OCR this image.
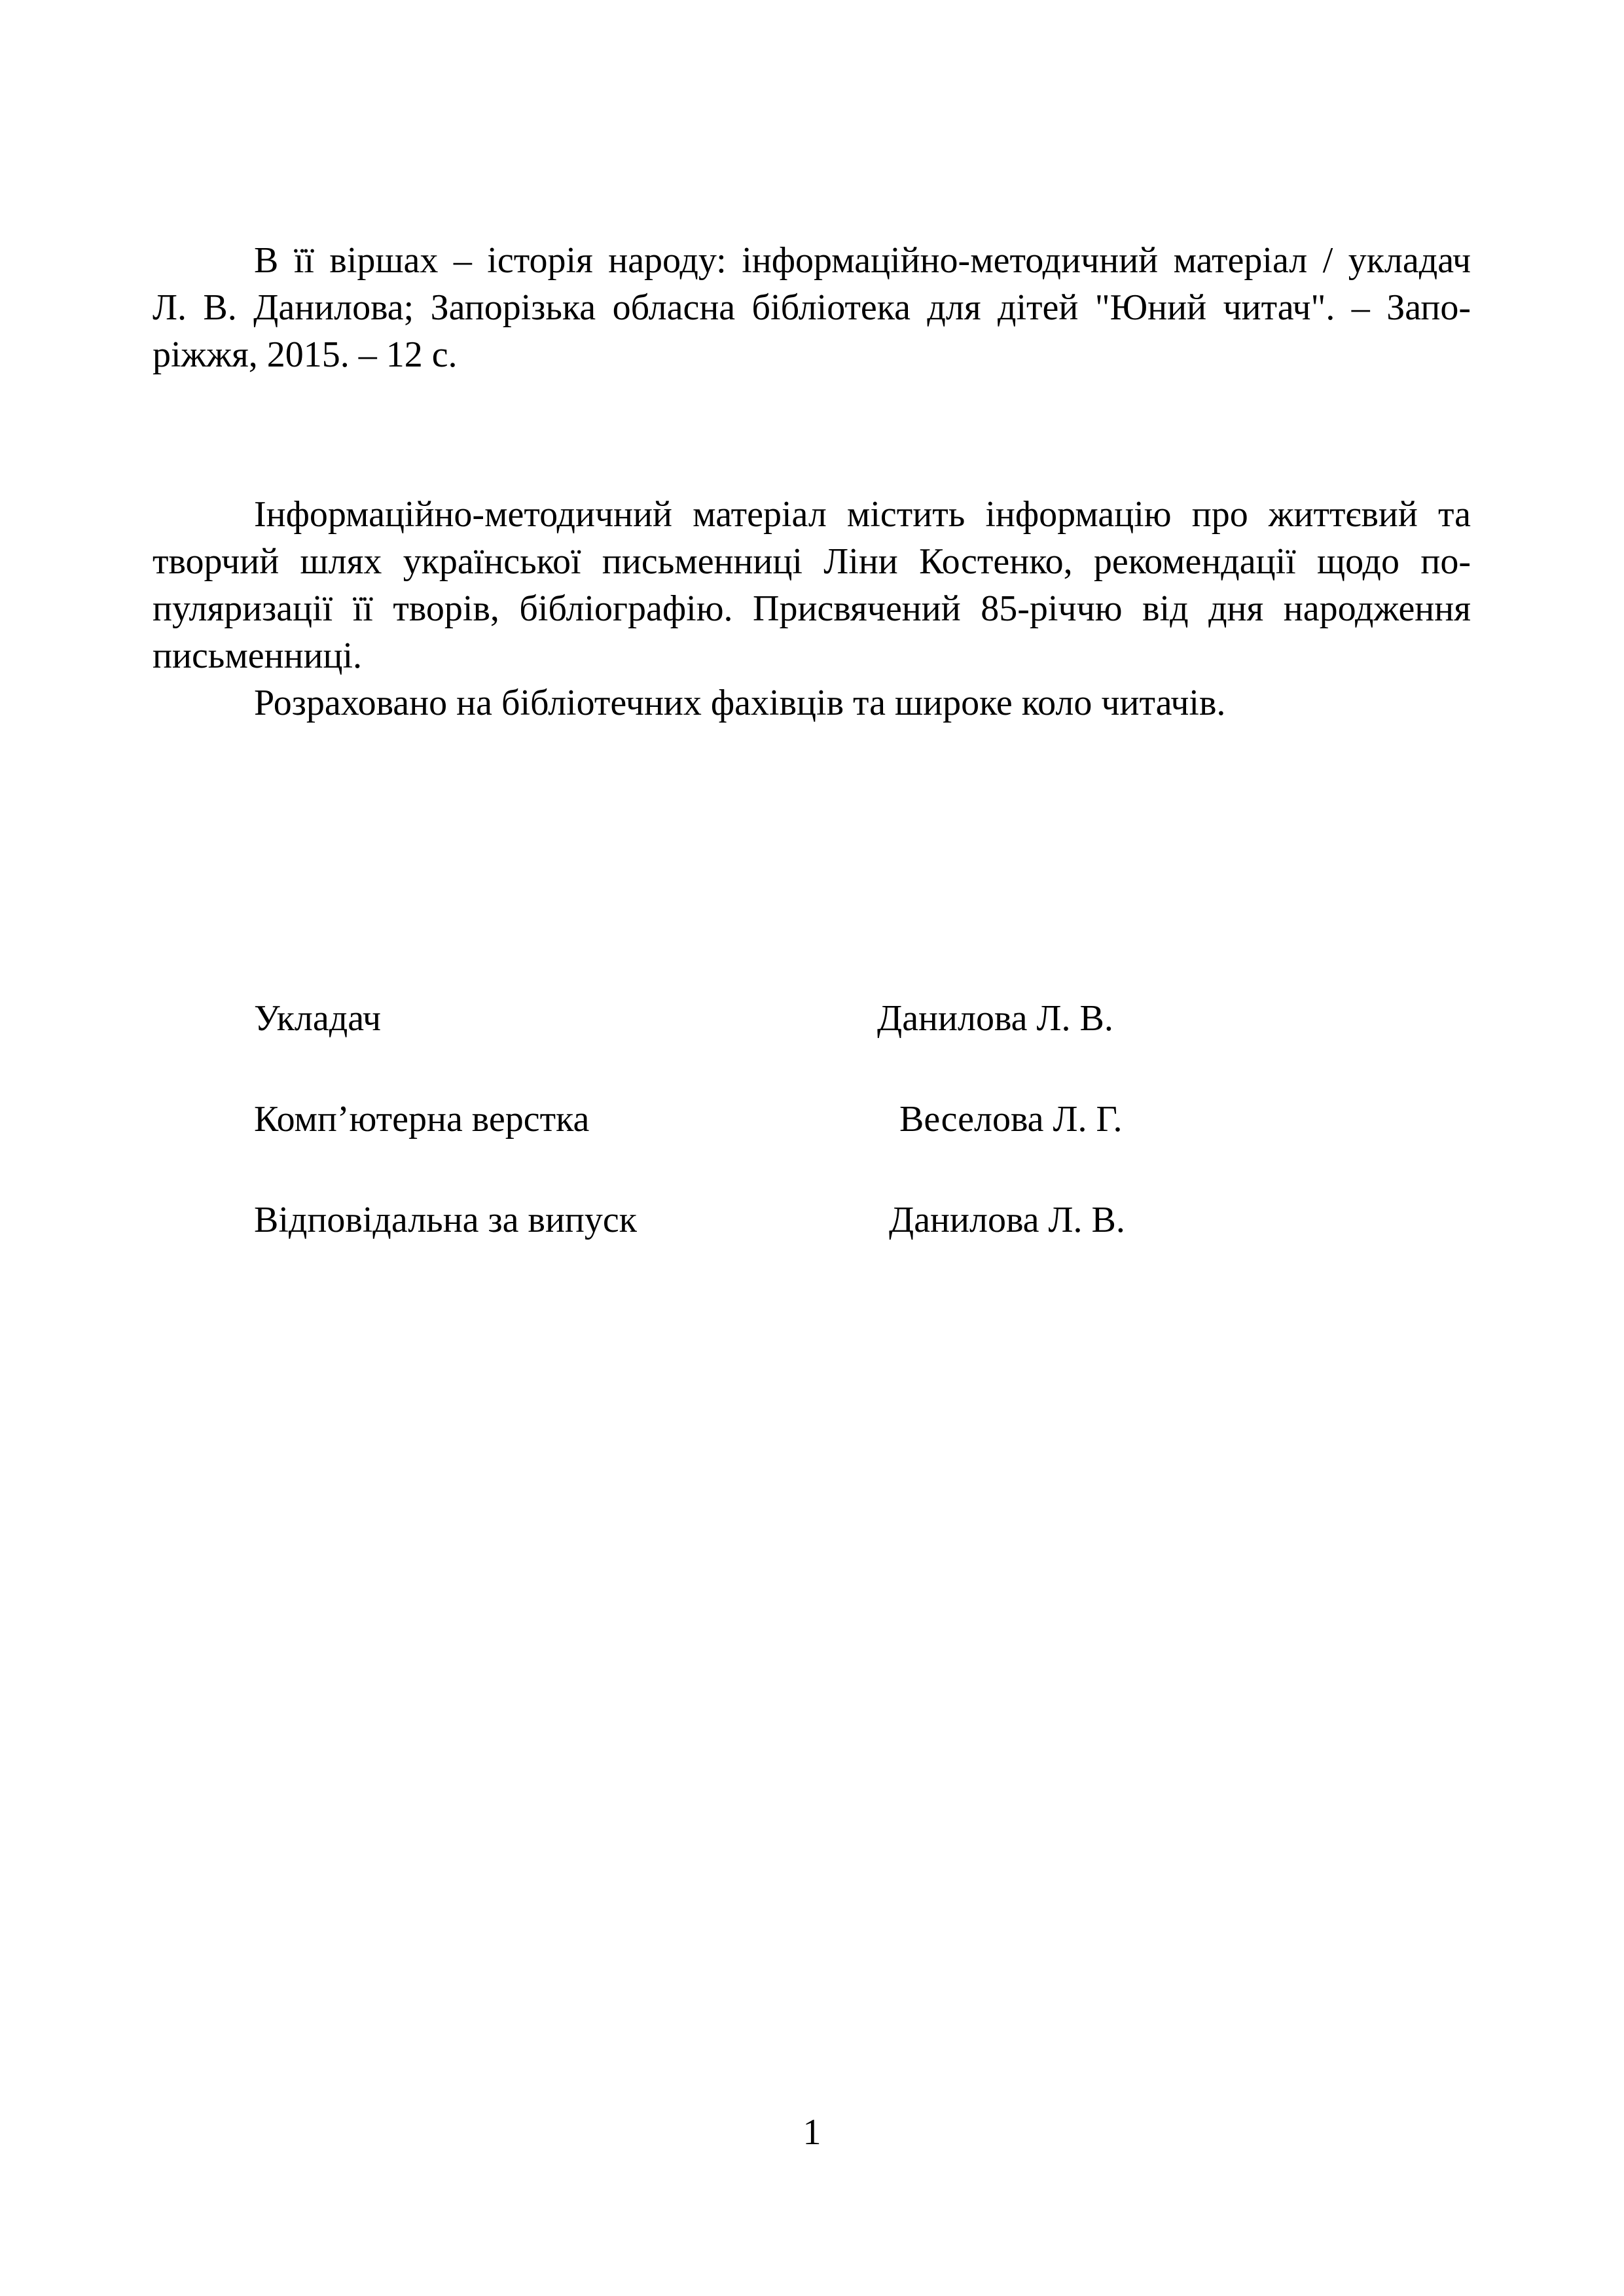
В її віршах – історія народу: інформаційно-методичний матеріал / укладач
Л. В. Данилова; Запорізька обласна бібліотека для дітей "Юний читач". – Запо-
ріжжя, 2015. – 12 с.
Інформаційно-методичний матеріал містить інформацію про життєвий та
творчий шлях української письменниці Ліни Костенко, рекомендації щодо по-
пуляризації її творів, бібліографію. Присвячений 85-річчю від дня народження
письменниці.
Розраховано на бібліотечних фахівців та широке коло читачів.
Укладач	Данилова Л. В.
Комп’ютерна верстка	Веселова Л. Г.
Відповідальна за випуск	Данилова Л. В.
1
